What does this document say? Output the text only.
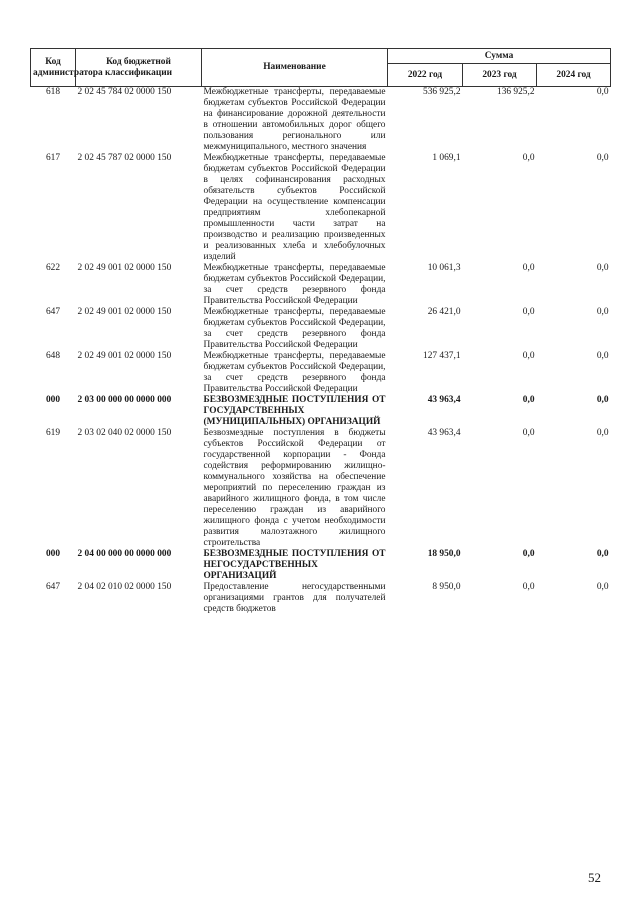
Код администратора	Код бюджетной классификации	Наименование	Сумма		
			2022 год	2023 год	2024 год
618	2 02 45 784 02 0000 150	Межбюджетные трансферты, передаваемые бюджетам субъектов Российской Федерации на финансирование дорожной деятельности в отношении автомобильных дорог общего пользования регионального или межмуниципального, местного значения	536 925,2	136 925,2	0,0
617	2 02 45 787 02 0000 150	Межбюджетные трансферты, передаваемые бюджетам субъектов Российской Федерации в целях софинансирования расходных обязательств субъектов Российской Федерации на осуществление компенсации предприятиям хлебопекарной промышленности части затрат на производство и реализацию произведенных и реализованных хлеба и хлебобулочных изделий	1 069,1	0,0	0,0
622	2 02 49 001 02 0000 150	Межбюджетные трансферты, передаваемые бюджетам субъектов Российской Федерации, за счет средств резервного фонда Правительства Российской Федерации	10 061,3	0,0	0,0
647	2 02 49 001 02 0000 150	Межбюджетные трансферты, передаваемые бюджетам субъектов Российской Федерации, за счет средств резервного фонда Правительства Российской Федерации	26 421,0	0,0	0,0
648	2 02 49 001 02 0000 150	Межбюджетные трансферты, передаваемые бюджетам субъектов Российской Федерации, за счет средств резервного фонда Правительства Российской Федерации	127 437,1	0,0	0,0
000	2 03 00 000 00 0000 000	БЕЗВОЗМЕЗДНЫЕ ПОСТУПЛЕНИЯ ОТ ГОСУДАРСТВЕННЫХ (МУНИЦИПАЛЬНЫХ) ОРГАНИЗАЦИЙ	43 963,4	0,0	0,0
619	2 03 02 040 02 0000 150	Безвозмездные поступления в бюджеты субъектов Российской Федерации от государственной корпорации - Фонда содействия реформированию жилищно-коммунального хозяйства на обеспечение мероприятий по переселению граждан из аварийного жилищного фонда, в том числе переселению граждан из аварийного жилищного фонда с учетом необходимости развития малоэтажного жилищного строительства	43 963,4	0,0	0,0
000	2 04 00 000 00 0000 000	БЕЗВОЗМЕЗДНЫЕ ПОСТУПЛЕНИЯ ОТ НЕГОСУДАРСТВЕННЫХ ОРГАНИЗАЦИЙ	18 950,0	0,0	0,0
647	2 04 02 010 02 0000 150	Предоставление негосударственными организациями грантов для получателей средств бюджетов	8 950,0	0,0	0,0
52
